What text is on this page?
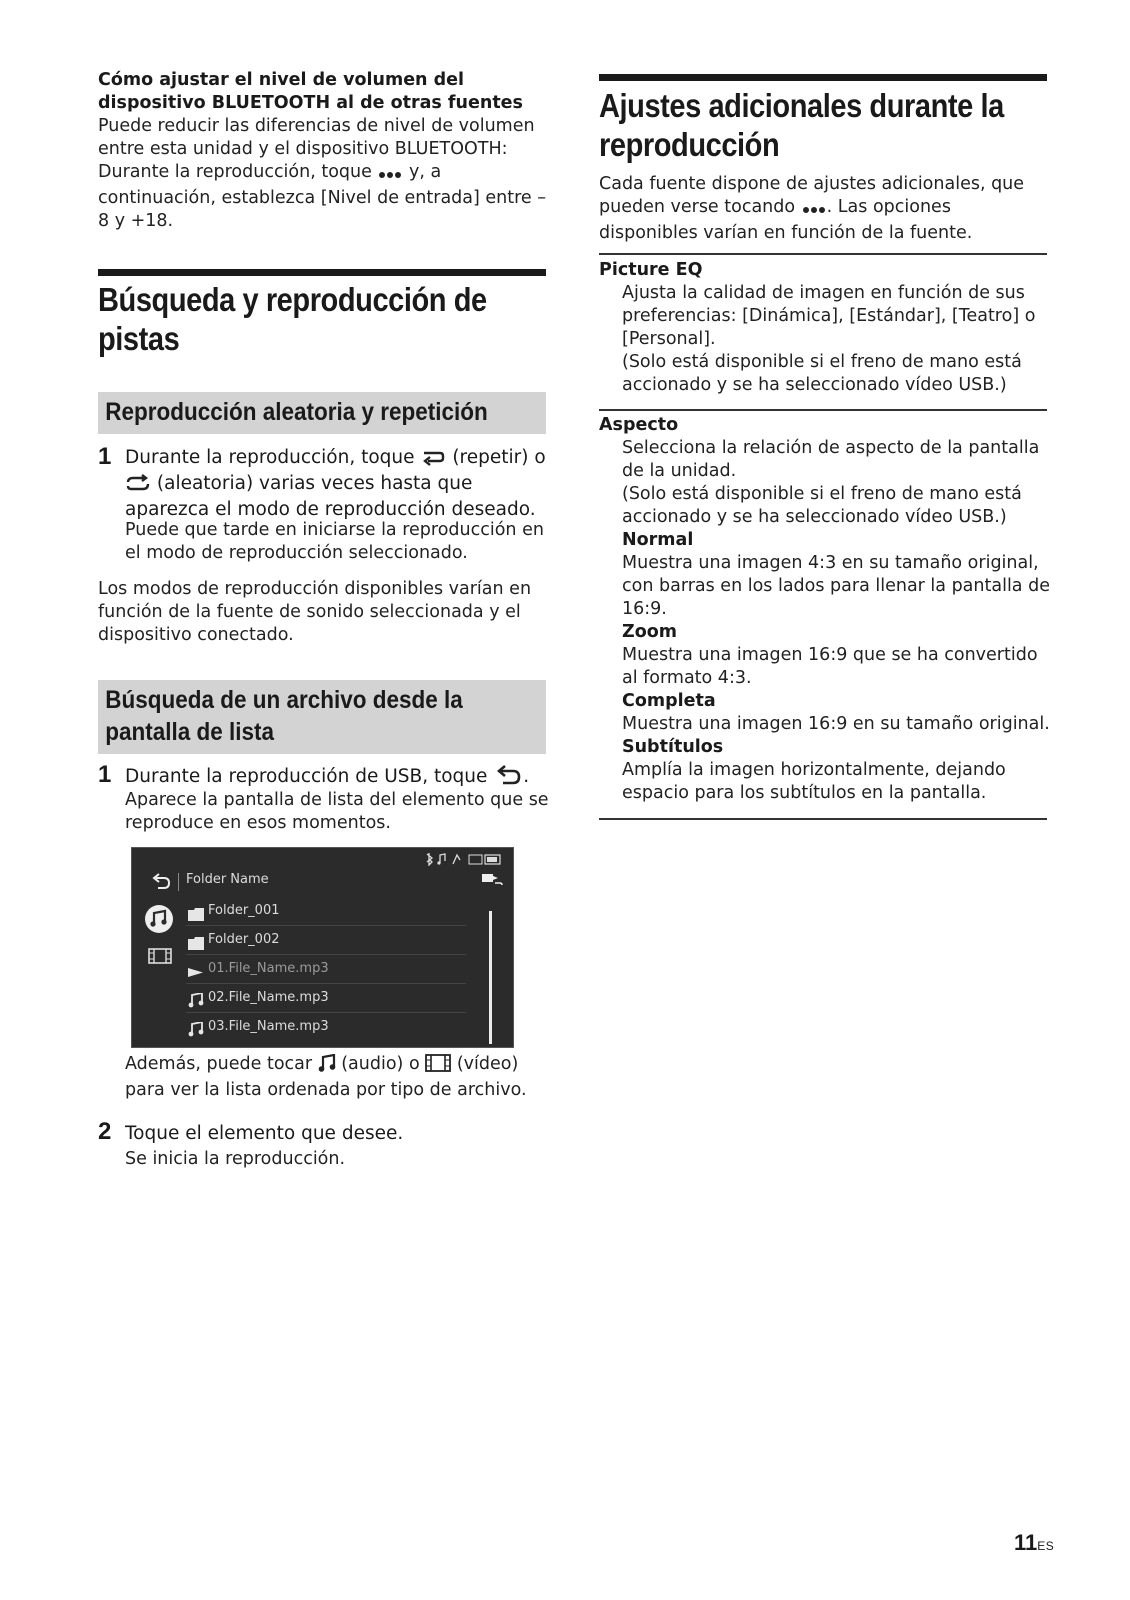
Cómo ajustar el nivel de volumen del dispositivo BLUETOOTH al de otras fuentes
Puede reducir las diferencias de nivel de volumen entre esta unidad y el dispositivo BLUETOOTH: Durante la reproducción, toque y, a continuación, establezca [Nivel de entrada] entre –8 y +18.
Búsqueda y reproducción de pistas
Reproducción aleatoria y repetición
1 Durante la reproducción, toque (repetir) o  (aleatoria) varias veces hasta que aparezca el modo de reproducción deseado.
Puede que tarde en iniciarse la reproducción en el modo de reproducción seleccionado.
Los modos de reproducción disponibles varían en función de la fuente de sonido seleccionada y el dispositivo conectado.
Búsqueda de un archivo desde la pantalla de lista
1 Durante la reproducción de USB, toque .
Aparece la pantalla de lista del elemento que se reproduce en esos momentos.
Folder Name
Folder_001
Folder_002
01.File_Name.mp3
02.File_Name.mp3
03.File_Name.mp3
Además, puede tocar (audio) o (vídeo) para ver la lista ordenada por tipo de archivo.
2 Toque el elemento que desee.
Se inicia la reproducción.
Ajustes adicionales durante la reproducción
Cada fuente dispone de ajustes adicionales, que pueden verse tocando . Las opciones disponibles varían en función de la fuente.
Picture EQ
Ajusta la calidad de imagen en función de sus preferencias: [Dinámica], [Estándar], [Teatro] o [Personal].
(Solo está disponible si el freno de mano está accionado y se ha seleccionado vídeo USB.)
Aspecto
Selecciona la relación de aspecto de la pantalla de la unidad.
(Solo está disponible si el freno de mano está accionado y se ha seleccionado vídeo USB.)
Normal
Muestra una imagen 4:3 en su tamaño original, con barras en los lados para llenar la pantalla de 16:9.
Zoom
Muestra una imagen 16:9 que se ha convertido al formato 4:3.
Completa
Muestra una imagen 16:9 en su tamaño original.
Subtítulos
Amplía la imagen horizontalmente, dejando espacio para los subtítulos en la pantalla.
11ES
